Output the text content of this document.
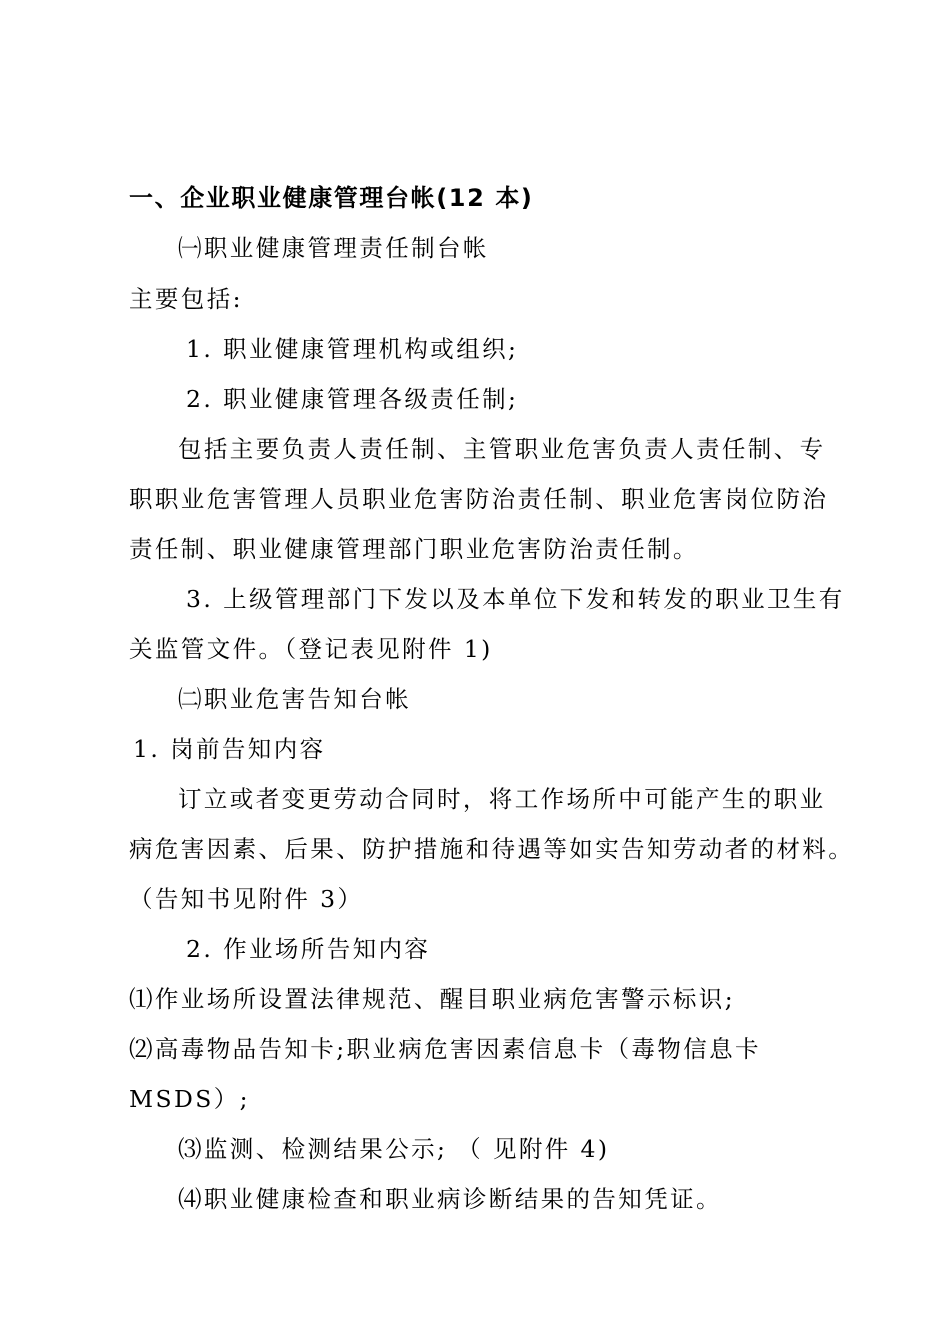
一、企业职业健康管理台帐(12 本)
㈠职业健康管理责任制台帐
主要包括:
1. 职业健康管理机构或组织;
2. 职业健康管理各级责任制;
包括主要负责人责任制、主管职业危害负责人责任制、专
职职业危害管理人员职业危害防治责任制、职业危害岗位防治
责任制、职业健康管理部门职业危害防治责任制。
3. 上级管理部门下发以及本单位下发和转发的职业卫生有
关监管文件。（登记表见附件 1)
㈡职业危害告知台帐
1. 岗前告知内容
订立或者变更劳动合同时，将工作场所中可能产生的职业
病危害因素、后果、防护措施和待遇等如实告知劳动者的材料。
（告知书见附件 3）
2. 作业场所告知内容
⑴作业场所设置法律规范、醒目职业病危害警示标识;
⑵高毒物品告知卡;职业病危害因素信息卡（毒物信息卡
MSDS）;
⑶监测、检测结果公示; （ 见附件 4)
⑷职业健康检查和职业病诊断结果的告知凭证。
